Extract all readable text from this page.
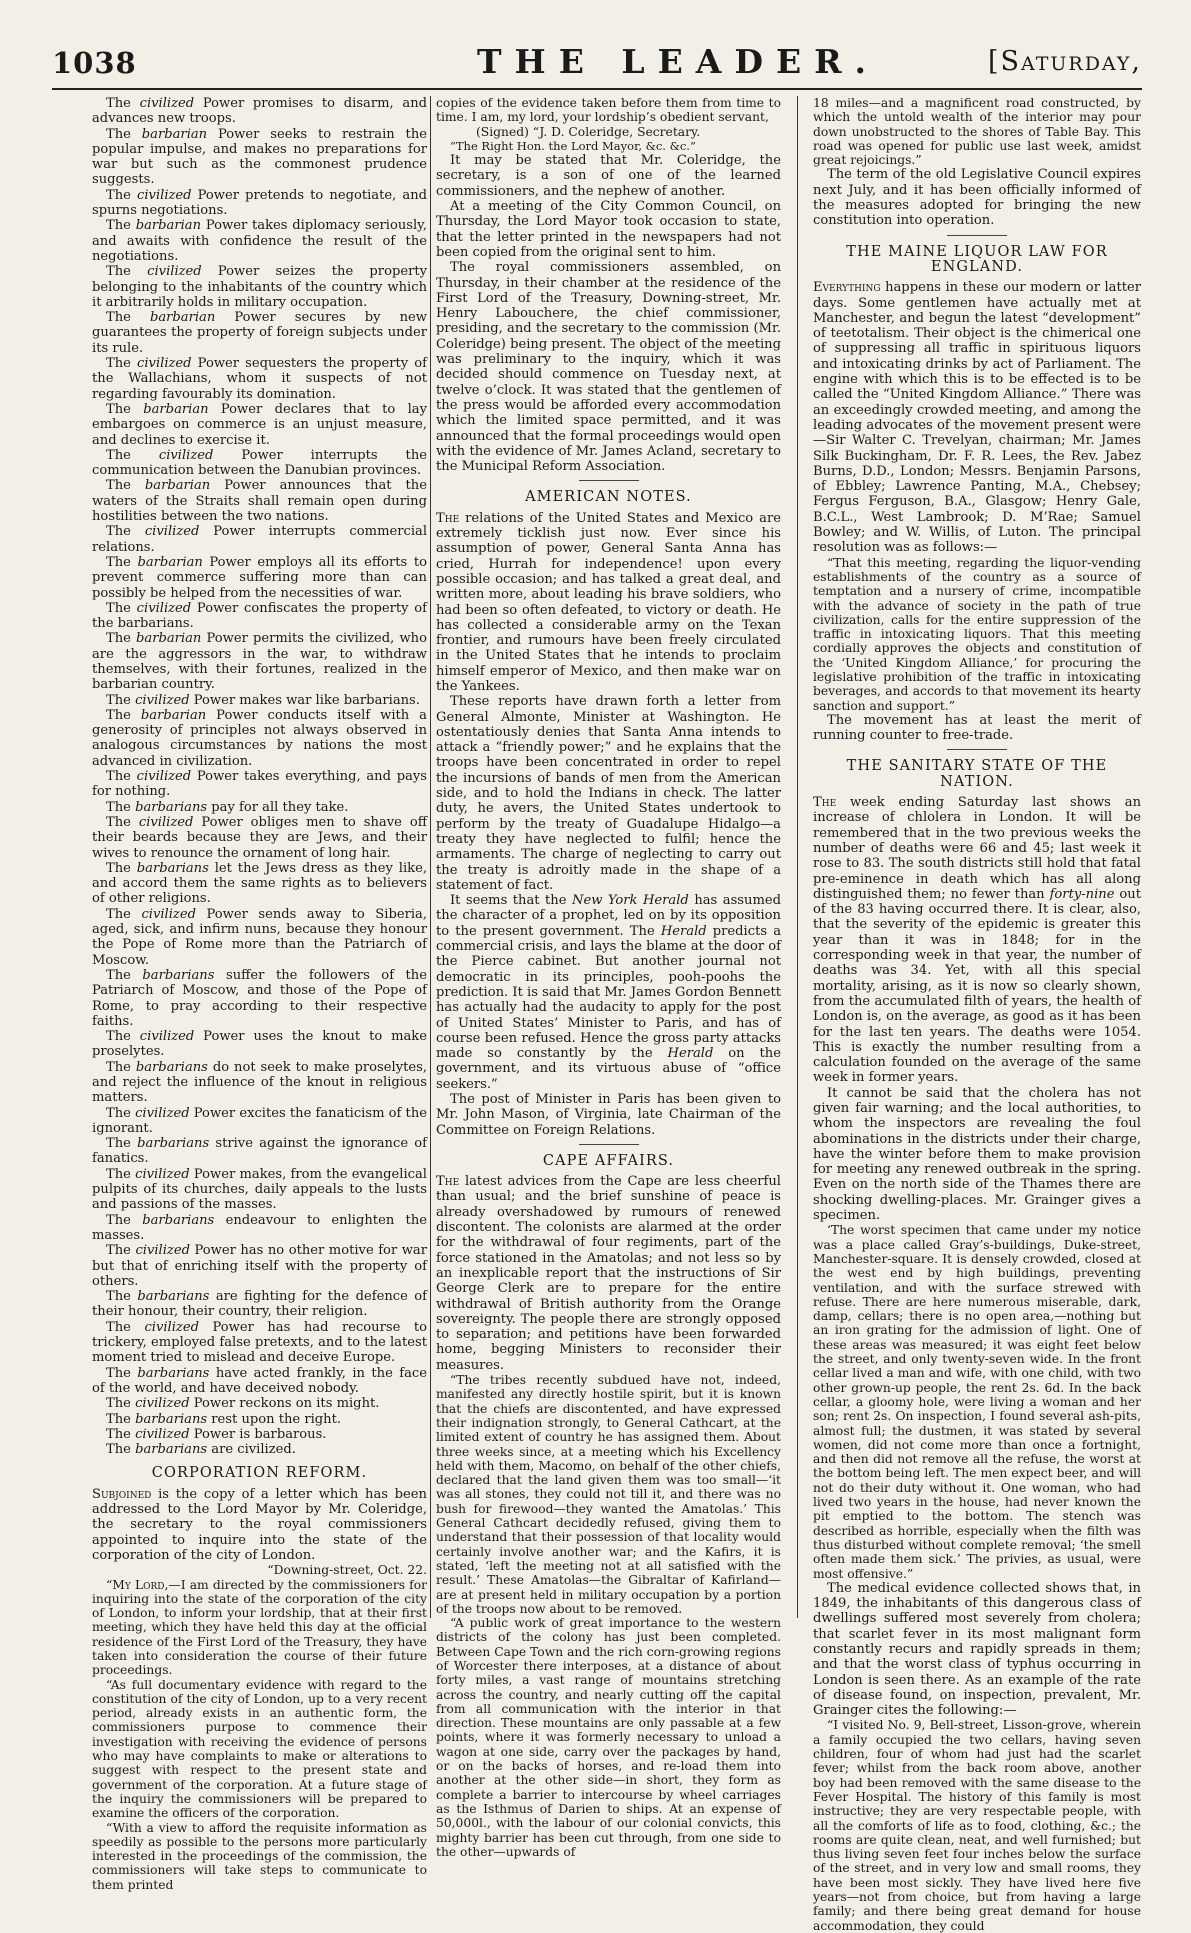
1038	THE LEADER.	[Saturday,

The civilized Power promises to disarm, and advances new troops.

The barbarian Power seeks to restrain the popular impulse, and makes no preparations for war but such as the commonest prudence suggests.

The civilized Power pretends to negotiate, and spurns negotiations.

The barbarian Power takes diplomacy seriously, and awaits with confidence the result of the negotiations.

The civilized Power seizes the property belonging to the inhabitants of the country which it arbitrarily holds in military occupation.

The barbarian Power secures by new guarantees the property of foreign subjects under its rule.

The civilized Power sequesters the property of the Wallachians, whom it suspects of not regarding favourably its domination.

The barbarian Power declares that to lay embargoes on commerce is an unjust measure, and declines to exercise it.

The civilized Power interrupts the communication between the Danubian provinces.

The barbarian Power announces that the waters of the Straits shall remain open during hostilities between the two nations.

The civilized Power interrupts commercial relations.

The barbarian Power employs all its efforts to prevent commerce suffering more than can possibly be helped from the necessities of war.

The civilized Power confiscates the property of the barbarians.

The barbarian Power permits the civilized, who are the aggressors in the war, to withdraw themselves, with their fortunes, realized in the barbarian country.

The civilized Power makes war like barbarians.

The barbarian Power conducts itself with a generosity of principles not always observed in analogous circumstances by nations the most advanced in civilization.

The civilized Power takes everything, and pays for nothing.

The barbarians pay for all they take.

The civilized Power obliges men to shave off their beards because they are Jews, and their wives to renounce the ornament of long hair.

The barbarians let the Jews dress as they like, and accord them the same rights as to believers of other religions.

The civilized Power sends away to Siberia, aged, sick, and infirm nuns, because they honour the Pope of Rome more than the Patriarch of Moscow.

The barbarians suffer the followers of the Patriarch of Moscow, and those of the Pope of Rome, to pray according to their respective faiths.

The civilized Power uses the knout to make proselytes.

The barbarians do not seek to make proselytes, and reject the influence of the knout in religious matters.

The civilized Power excites the fanaticism of the ignorant.

The barbarians strive against the ignorance of fanatics.

The civilized Power makes, from the evangelical pulpits of its churches, daily appeals to the lusts and passions of the masses.

The barbarians endeavour to enlighten the masses.

The civilized Power has no other motive for war but that of enriching itself with the property of others.

The barbarians are fighting for the defence of their honour, their country, their religion.

The civilized Power has had recourse to trickery, employed false pretexts, and to the latest moment tried to mislead and deceive Europe.

The barbarians have acted frankly, in the face of the world, and have deceived nobody.

The civilized Power reckons on its might.

The barbarians rest upon the right.

The civilized Power is barbarous.

The barbarians are civilized.

CORPORATION REFORM.

Subjoined is the copy of a letter which has been addressed to the Lord Mayor by Mr. Coleridge, the secretary to the royal commissioners appointed to inquire into the state of the corporation of the city of London.

“Downing-street, Oct. 22.

“My Lord,—I am directed by the commissioners for inquiring into the state of the corporation of the city of London, to inform your lordship, that at their first meeting, which they have held this day at the official residence of the First Lord of the Treasury, they have taken into consideration the course of their future proceedings.

“As full documentary evidence with regard to the constitution of the city of London, up to a very recent period, already exists in an authentic form, the commissioners purpose to commence their investigation with receiving the evidence of persons who may have complaints to make or alterations to suggest with respect to the present state and government of the corporation. At a future stage of the inquiry the commissioners will be prepared to examine the officers of the corporation.

“With a view to afford the requisite information as speedily as possible to the persons more particularly interested in the proceedings of the commission, the commissioners will take steps to communicate to them printed

copies of the evidence taken before them from time to time. I am, my lord, your lordship’s obedient servant,

(Signed) “J. D. Coleridge, Secretary.

“The Right Hon. the Lord Mayor, &c. &c.”

It may be stated that Mr. Coleridge, the secretary, is a son of one of the learned commissioners, and the nephew of another.

At a meeting of the City Common Council, on Thursday, the Lord Mayor took occasion to state, that the letter printed in the newspapers had not been copied from the original sent to him.

The royal commissioners assembled, on Thursday, in their chamber at the residence of the First Lord of the Treasury, Downing-street, Mr. Henry Labouchere, the chief commissioner, presiding, and the secretary to the commission (Mr. Coleridge) being present. The object of the meeting was preliminary to the inquiry, which it was decided should commence on Tuesday next, at twelve o’clock. It was stated that the gentlemen of the press would be afforded every accommodation which the limited space permitted, and it was announced that the formal proceedings would open with the evidence of Mr. James Acland, secretary to the Municipal Reform Association.

AMERICAN NOTES.

The relations of the United States and Mexico are extremely ticklish just now. Ever since his assumption of power, General Santa Anna has cried, Hurrah for independence! upon every possible occasion; and has talked a great deal, and written more, about leading his brave soldiers, who had been so often defeated, to victory or death. He has collected a considerable army on the Texan frontier, and rumours have been freely circulated in the United States that he intends to proclaim himself emperor of Mexico, and then make war on the Yankees.

These reports have drawn forth a letter from General Almonte, Minister at Washington. He ostentatiously denies that Santa Anna intends to attack a “friendly power;” and he explains that the troops have been concentrated in order to repel the incursions of bands of men from the American side, and to hold the Indians in check. The latter duty, he avers, the United States undertook to perform by the treaty of Guadalupe Hidalgo—a treaty they have neglected to fulfil; hence the armaments. The charge of neglecting to carry out the treaty is adroitly made in the shape of a statement of fact.

It seems that the New York Herald has assumed the character of a prophet, led on by its opposition to the present government. The Herald predicts a commercial crisis, and lays the blame at the door of the Pierce cabinet. But another journal not democratic in its principles, pooh-poohs the prediction. It is said that Mr. James Gordon Bennett has actually had the audacity to apply for the post of United States’ Minister to Paris, and has of course been refused. Hence the gross party attacks made so constantly by the Herald on the government, and its virtuous abuse of “office seekers.”

The post of Minister in Paris has been given to Mr. John Mason, of Virginia, late Chairman of the Committee on Foreign Relations.

CAPE AFFAIRS.

The latest advices from the Cape are less cheerful than usual; and the brief sunshine of peace is already overshadowed by rumours of renewed discontent. The colonists are alarmed at the order for the withdrawal of four regiments, part of the force stationed in the Amatolas; and not less so by an inexplicable report that the instructions of Sir George Clerk are to prepare for the entire withdrawal of British authority from the Orange sovereignty. The people there are strongly opposed to separation; and petitions have been forwarded home, begging Ministers to reconsider their measures.

“The tribes recently subdued have not, indeed, manifested any directly hostile spirit, but it is known that the chiefs are discontented, and have expressed their indignation strongly, to General Cathcart, at the limited extent of country he has assigned them. About three weeks since, at a meeting which his Excellency held with them, Macomo, on behalf of the other chiefs, declared that the land given them was too small—‘it was all stones, they could not till it, and there was no bush for firewood—they wanted the Amatolas.’ This General Cathcart decidedly refused, giving them to understand that their possession of that locality would certainly involve another war; and the Kafirs, it is stated, ‘left the meeting not at all satisfied with the result.’ These Amatolas—the Gibraltar of Kafirland—are at present held in military occupation by a portion of the troops now about to be removed.

“A public work of great importance to the western districts of the colony has just been completed. Between Cape Town and the rich corn-growing regions of Worcester there interposes, at a distance of about forty miles, a vast range of mountains stretching across the country, and nearly cutting off the capital from all communication with the interior in that direction. These mountains are only passable at a few points, where it was formerly necessary to unload a wagon at one side, carry over the packages by hand, or on the backs of horses, and re-load them into another at the other side—in short, they form as complete a barrier to intercourse by wheel carriages as the Isthmus of Darien to ships. At an expense of 50,000l., with the labour of our colonial convicts, this mighty barrier has been cut through, from one side to the other—upwards of

18 miles—and a magnificent road constructed, by which the untold wealth of the interior may pour down unobstructed to the shores of Table Bay. This road was opened for public use last week, amidst great rejoicings.”

The term of the old Legislative Council expires next July, and it has been officially informed of the measures adopted for bringing the new constitution into operation.

THE MAINE LIQUOR LAW FOR ENGLAND.

Everything happens in these our modern or latter days. Some gentlemen have actually met at Manchester, and begun the latest “development” of teetotalism. Their object is the chimerical one of suppressing all traffic in spirituous liquors and intoxicating drinks by act of Parliament. The engine with which this is to be effected is to be called the “United Kingdom Alliance.” There was an exceedingly crowded meeting, and among the leading advocates of the movement present were—Sir Walter C. Trevelyan, chairman; Mr. James Silk Buckingham, Dr. F. R. Lees, the Rev. Jabez Burns, D.D., London; Messrs. Benjamin Parsons, of Ebbley; Lawrence Panting, M.A., Chebsey; Fergus Ferguson, B.A., Glasgow; Henry Gale, B.C.L., West Lambrook; D. M’Rae; Samuel Bowley; and W. Willis, of Luton. The principal resolution was as follows:—

“That this meeting, regarding the liquor-vending establishments of the country as a source of temptation and a nursery of crime, incompatible with the advance of society in the path of true civilization, calls for the entire suppression of the traffic in intoxicating liquors. That this meeting cordially approves the objects and constitution of the ‘United Kingdom Alliance,’ for procuring the legislative prohibition of the traffic in intoxicating beverages, and accords to that movement its hearty sanction and support.”

The movement has at least the merit of running counter to free-trade.

THE SANITARY STATE OF THE NATION.

The week ending Saturday last shows an increase of chlolera in London. It will be remembered that in the two previous weeks the number of deaths were 66 and 45; last week it rose to 83. The south districts still hold that fatal pre-eminence in death which has all along distinguished them; no fewer than forty-nine out of the 83 having occurred there. It is clear, also, that the severity of the epidemic is greater this year than it was in 1848; for in the corresponding week in that year, the number of deaths was 34. Yet, with all this special mortality, arising, as it is now so clearly shown, from the accumulated filth of years, the health of London is, on the average, as good as it has been for the last ten years. The deaths were 1054. This is exactly the number resulting from a calculation founded on the average of the same week in former years.

It cannot be said that the cholera has not given fair warning; and the local authorities, to whom the inspectors are revealing the foul abominations in the districts under their charge, have the winter before them to make provision for meeting any renewed outbreak in the spring. Even on the north side of the Thames there are shocking dwelling-places. Mr. Grainger gives a specimen.

‘The worst specimen that came under my notice was a place called Gray’s-buildings, Duke-street, Manchester-square. It is densely crowded, closed at the west end by high buildings, preventing ventilation, and with the surface strewed with refuse. There are here numerous miserable, dark, damp, cellars; there is no open area,—nothing but an iron grating for the admission of light. One of these areas was measured; it was eight feet below the street, and only twenty-seven wide. In the front cellar lived a man and wife, with one child, with two other grown-up people, the rent 2s. 6d. In the back cellar, a gloomy hole, were living a woman and her son; rent 2s. On inspection, I found several ash-pits, almost full; the dustmen, it was stated by several women, did not come more than once a fortnight, and then did not remove all the refuse, the worst at the bottom being left. The men expect beer, and will not do their duty without it. One woman, who had lived two years in the house, had never known the pit emptied to the bottom. The stench was described as horrible, especially when the filth was thus disturbed without complete removal; ‘the smell often made them sick.’ The privies, as usual, were most offensive.”

The medical evidence collected shows that, in 1849, the inhabitants of this dangerous class of dwellings suffered most severely from cholera; that scarlet fever in its most malignant form constantly recurs and rapidly spreads in them; and that the worst class of typhus occurring in London is seen there. As an example of the rate of disease found, on inspection, prevalent, Mr. Grainger cites the following:—

“I visited No. 9, Bell-street, Lisson-grove, wherein a family occupied the two cellars, having seven children, four of whom had just had the scarlet fever; whilst from the back room above, another boy had been removed with the same disease to the Fever Hospital. The history of this family is most instructive; they are very respectable people, with all the comforts of life as to food, clothing, &c.; the rooms are quite clean, neat, and well furnished; but thus living seven feet four inches below the surface of the street, and in very low and small rooms, they have been most sickly. They have lived here five years—not from choice, but from having a large family; and there being great demand for house accommodation, they could
